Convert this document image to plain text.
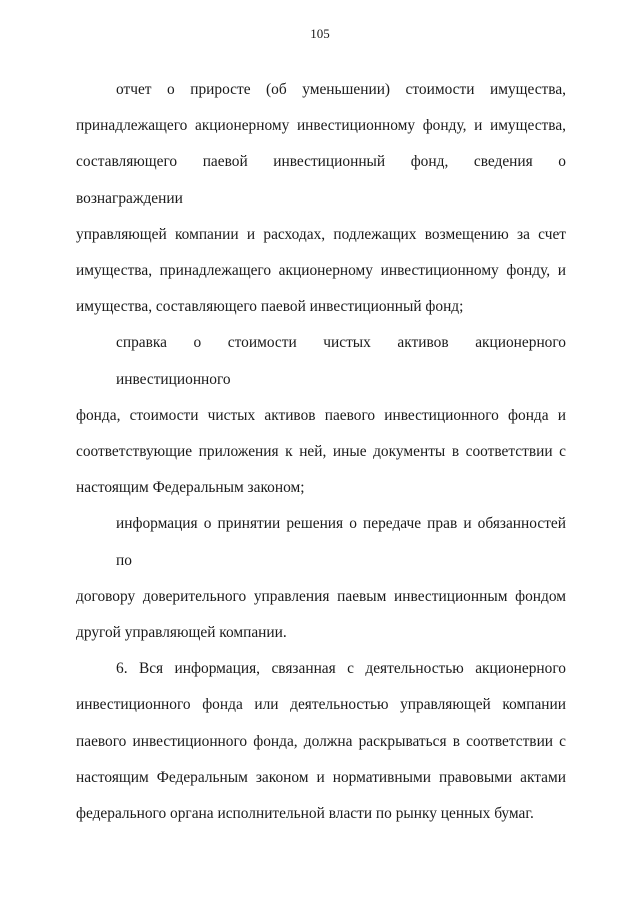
105
отчет о приросте (об уменьшении) стоимости имущества,
принадлежащего акционерному инвестиционному фонду, и имущества,
составляющего паевой инвестиционный фонд, сведения о вознаграждении
управляющей компании и расходах, подлежащих возмещению за счет
имущества, принадлежащего акционерному инвестиционному фонду, и
имущества, составляющего паевой инвестиционный фонд;
справка о стоимости чистых активов акционерного инвестиционного
фонда, стоимости чистых активов паевого инвестиционного фонда и
соответствующие приложения к ней, иные документы в соответствии с
настоящим Федеральным законом;
информация о принятии решения о передаче прав и обязанностей по
договору доверительного управления паевым инвестиционным фондом
другой управляющей компании.
6. Вся информация, связанная с деятельностью акционерного
инвестиционного фонда или деятельностью управляющей компании
паевого инвестиционного фонда, должна раскрываться в соответствии с
настоящим Федеральным законом и нормативными правовыми актами
федерального органа исполнительной власти по рынку ценных бумаг.
